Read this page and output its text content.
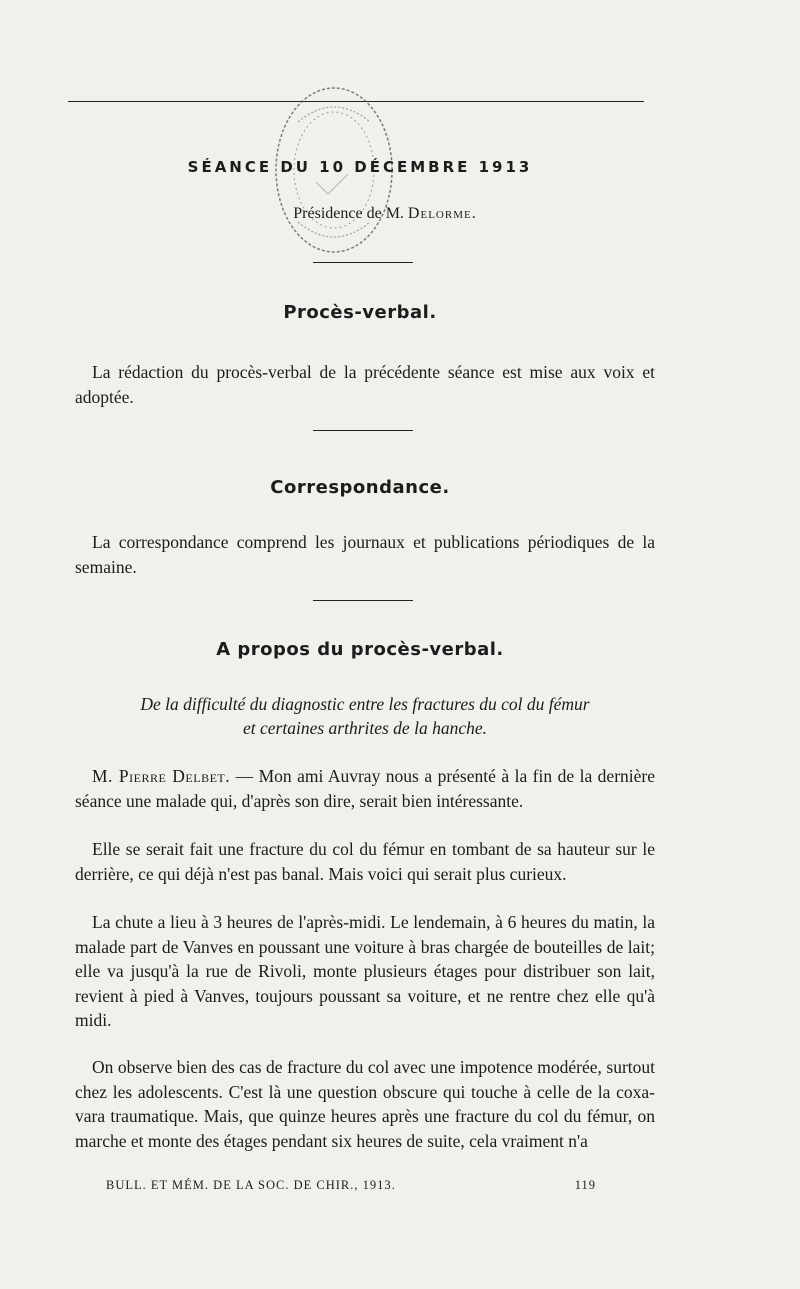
SÉANCE DU 10 DÉCEMBRE 1913
Présidence de M. Delorme.
Procès-verbal.

La rédaction du procès-verbal de la précédente séance est mise aux voix et adoptée.

Correspondance.

La correspondance comprend les journaux et publications périodiques de la semaine.

A propos du procès-verbal.
De la difficulté du diagnostic entre les fractures du col du fémur
et certaines arthrites de la hanche.

M. Pierre Delbet. — Mon ami Auvray nous a présenté à la fin de la dernière séance une malade qui, d'après son dire, serait bien intéressante.

Elle se serait fait une fracture du col du fémur en tombant de sa hauteur sur le derrière, ce qui déjà n'est pas banal. Mais voici qui serait plus curieux.

La chute a lieu à 3 heures de l'après-midi. Le lendemain, à 6 heures du matin, la malade part de Vanves en poussant une voiture à bras chargée de bouteilles de lait; elle va jusqu'à la rue de Rivoli, monte plusieurs étages pour distribuer son lait, revient à pied à Vanves, toujours poussant sa voiture, et ne rentre chez elle qu'à midi.

On observe bien des cas de fracture du col avec une impotence modérée, surtout chez les adolescents. C'est là une question obscure qui touche à celle de la coxa-vara traumatique. Mais, que quinze heures après une fracture du col du fémur, on marche et monte des étages pendant six heures de suite, cela vraiment n'a

BULL. ET MÉM. DE LA SOC. DE CHIR., 1913.	119
